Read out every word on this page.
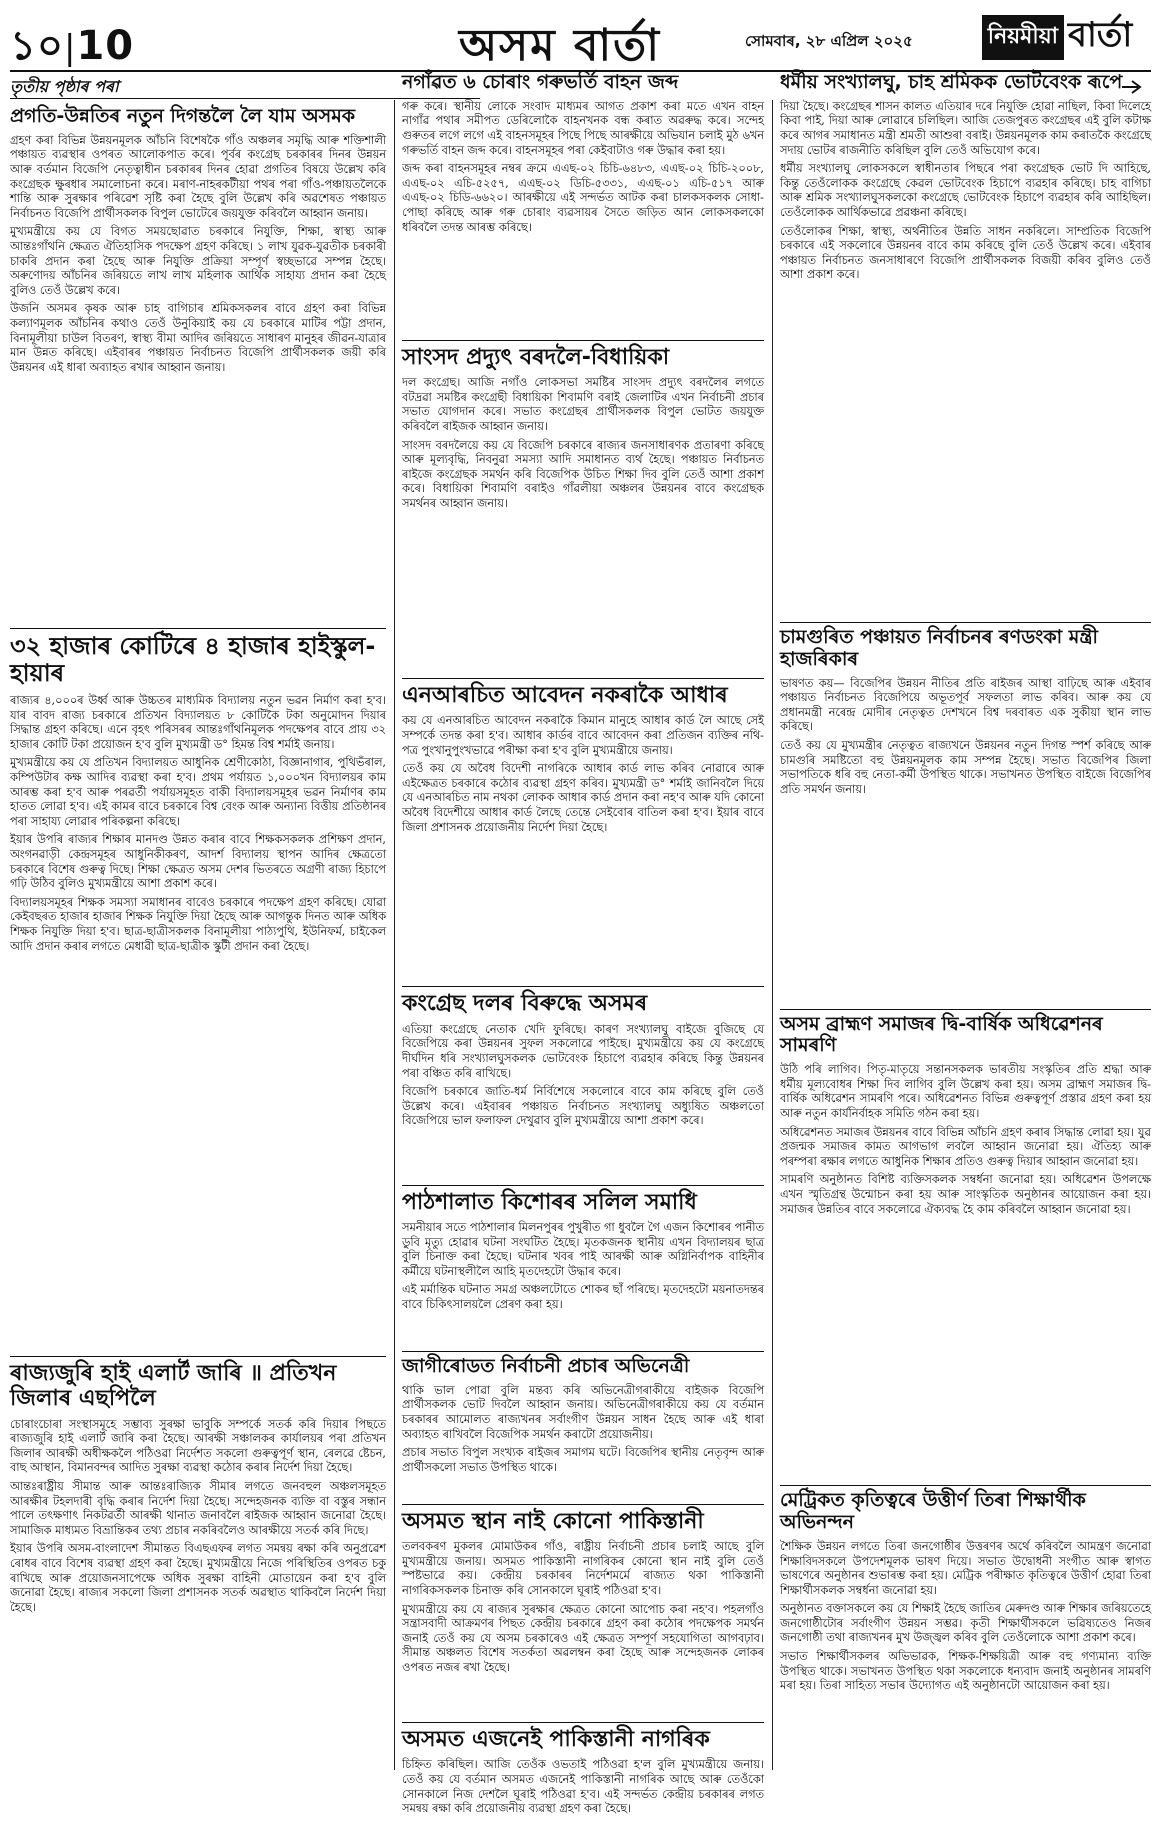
১০|10	অসম বাৰ্তা	সোমবাৰ, ২৮ এপ্ৰিল ২০২৫	নিয়মীয়া বাৰ্তা
তৃতীয় পৃষ্ঠাৰ পৰা
প্ৰগতি-উন্নতিৰ নতুন দিগন্তলৈ লৈ যাম অসমক

গ্ৰহণ কৰা বিভিন্ন উন্নয়নমূলক আঁচনি বিশেষকৈ গাঁও অঞ্চলৰ সমৃদ্ধি আৰু শক্তিশালী পঞ্চায়ত ব্যৱস্থাৰ ওপৰত আলোকপাত কৰে। পূৰ্বৰ কংগ্ৰেছ চৰকাৰৰ দিনৰ উন্নয়ন আৰু বৰ্তমান বিজেপি নেতৃত্বাধীন চৰকাৰৰ দিনৰ হোৱা প্ৰগতিৰ বিষয়ে উল্লেখ কৰি কংগ্ৰেছক ক্ষুৰধাৰ সমালোচনা কৰে। মৰাণ-নাহৰকটীয়া পথৰ পৰা গাঁও-পঞ্চায়তলৈকে শান্তি আৰু সুৰক্ষাৰ পৰিৱেশ সৃষ্টি কৰা হৈছে বুলি উল্লেখ কৰি অৱশেষত পঞ্চায়ত নিৰ্বাচনত বিজেপি প্ৰাৰ্থীসকলক বিপুল ভোটেৰে জয়যুক্ত কৰিবলৈ আহ্বান জনায়।

মুখ্যমন্ত্ৰীয়ে কয় যে বিগত সময়ছোৱাত চৰকাৰে নিযুক্তি, শিক্ষা, স্বাস্থ্য আৰু আন্তঃগাঁথনি ক্ষেত্ৰত ঐতিহাসিক পদক্ষেপ গ্ৰহণ কৰিছে। ১ লাখ যুৱক-যুৱতীক চৰকাৰী চাকৰি প্ৰদান কৰা হৈছে আৰু নিযুক্তি প্ৰক্ৰিয়া সম্পূৰ্ণ স্বচ্ছভাৱে সম্পন্ন হৈছে। অৰুণোদয় আঁচনিৰ জৰিয়তে লাখ লাখ মহিলাক আৰ্থিক সাহায্য প্ৰদান কৰা হৈছে বুলিও তেওঁ উল্লেখ কৰে।

উজনি অসমৰ কৃষক আৰু চাহ বাগিচাৰ শ্ৰমিকসকলৰ বাবে গ্ৰহণ কৰা বিভিন্ন কল্যাণমূলক আঁচনিৰ কথাও তেওঁ উনুকিয়াই কয় যে চৰকাৰে মাটিৰ পট্টা প্ৰদান, বিনামূলীয়া চাউল বিতৰণ, স্বাস্থ্য বীমা আদিৰ জৰিয়তে সাধাৰণ মানুহৰ জীৱন-যাত্ৰাৰ মান উন্নত কৰিছে। এইবাৰৰ পঞ্চায়ত নিৰ্বাচনত বিজেপি প্ৰাৰ্থীসকলক জয়ী কৰি উন্নয়নৰ এই ধাৰা অব্যাহত ৰখাৰ আহ্বান জনায়।

৩২ হাজাৰ কোটিৰে ৪ হাজাৰ হাইস্কুল-হায়াৰ

ৰাজ্যৰ ৪,০০০ৰ উৰ্ধ্ব আৰু উচ্চতৰ মাধ্যমিক বিদ্যালয় নতুন ভৱন নিৰ্মাণ কৰা হ'ব। যাৰ বাবদ ৰাজ্য চৰকাৰে প্ৰতিখন বিদ্যালয়ত ৮ কোটিকৈ টকা অনুমোদন দিয়াৰ সিদ্ধান্ত গ্ৰহণ কৰিছে। এনে বৃহৎ পৰিসৰৰ আন্তঃগাঁথনিমূলক পদক্ষেপৰ বাবে প্ৰায় ৩২ হাজাৰ কোটি টকা প্ৰয়োজন হ'ব বুলি মুখ্যমন্ত্ৰী ড° হিমন্ত বিশ্ব শৰ্মাই জনায়।

মুখ্যমন্ত্ৰীয়ে কয় যে প্ৰতিখন বিদ্যালয়ত আধুনিক শ্ৰেণীকোঠা, বিজ্ঞানাগাৰ, পুথিভঁৰাল, কম্পিউটাৰ কক্ষ আদিৰ ব্যৱস্থা কৰা হ'ব। প্ৰথম পৰ্যায়ত ১,০০০খন বিদ্যালয়ৰ কাম আৰম্ভ কৰা হ'ব আৰু পৰৱৰ্তী পৰ্যায়সমূহত বাকী বিদ্যালয়সমূহৰ ভৱন নিৰ্মাণৰ কাম হাতত লোৱা হ'ব। এই কামৰ বাবে চৰকাৰে বিশ্ব বেংক আৰু অন্যান্য বিত্তীয় প্ৰতিষ্ঠানৰ পৰা সাহায্য লোৱাৰ পৰিকল্পনা কৰিছে।

ইয়াৰ উপৰি ৰাজ্যৰ শিক্ষাৰ মানদণ্ড উন্নত কৰাৰ বাবে শিক্ষকসকলক প্ৰশিক্ষণ প্ৰদান, অংগনৱাড়ী কেন্দ্ৰসমূহৰ আধুনিকীকৰণ, আদৰ্শ বিদ্যালয় স্থাপন আদিৰ ক্ষেত্ৰতো চৰকাৰে বিশেষ গুৰুত্ব দিছে। শিক্ষা ক্ষেত্ৰত অসম দেশৰ ভিতৰতে অগ্ৰণী ৰাজ্য হিচাপে গঢ়ি উঠিব বুলিও মুখ্যমন্ত্ৰীয়ে আশা প্ৰকাশ কৰে।

বিদ্যালয়সমূহৰ শিক্ষক সমস্যা সমাধানৰ বাবেও চৰকাৰে পদক্ষেপ গ্ৰহণ কৰিছে। যোৱা কেইবছৰত হাজাৰ হাজাৰ শিক্ষক নিযুক্তি দিয়া হৈছে আৰু আগন্তুক দিনত আৰু অধিক শিক্ষক নিযুক্তি দিয়া হ'ব। ছাত্ৰ-ছাত্ৰীসকলক বিনামূলীয়া পাঠ্যপুথি, ইউনিফৰ্ম, চাইকেল আদি প্ৰদান কৰাৰ লগতে মেধাৱী ছাত্ৰ-ছাত্ৰীক স্কুটী প্ৰদান কৰা হৈছে।

ৰাজ্যজুৰি হাই এলাৰ্ট জাৰি ॥ প্ৰতিখন জিলাৰ এছপিলৈ

চোৰাংচোৰা সংস্থাসমূহে সম্ভাব্য সুৰক্ষা ভাবুকি সম্পৰ্কে সতৰ্ক কৰি দিয়াৰ পিছতে ৰাজ্যজুৰি হাই এলাৰ্ট জাৰি কৰা হৈছে। আৰক্ষী সঞ্চালকৰ কাৰ্যালয়ৰ পৰা প্ৰতিখন জিলাৰ আৰক্ষী অধীক্ষকলৈ পঠিওৱা নিৰ্দেশত সকলো গুৰুত্বপূৰ্ণ স্থান, ৰেলৱে ষ্টেচন, বাছ আস্থান, বিমানবন্দৰ আদিত সুৰক্ষা ব্যৱস্থা কঠোৰ কৰাৰ নিৰ্দেশ দিয়া হৈছে।

আন্তঃৰাষ্ট্ৰীয় সীমান্ত আৰু আন্তঃৰাজ্যিক সীমাৰ লগতে জনবহুল অঞ্চলসমূহত আৰক্ষীৰ টহলদাৰী বৃদ্ধি কৰাৰ নিৰ্দেশ দিয়া হৈছে। সন্দেহজনক ব্যক্তি বা বস্তুৰ সন্ধান পালে তৎক্ষণাৎ নিকটৱৰ্তী আৰক্ষী থানাত জনাবলৈ ৰাইজক আহ্বান জনোৱা হৈছে। সামাজিক মাধ্যমত বিভ্ৰান্তিকৰ তথ্য প্ৰচাৰ নকৰিবলৈও আৰক্ষীয়ে সতৰ্ক কৰি দিছে।

ইয়াৰ উপৰি অসম-বাংলাদেশ সীমান্তত বিএছএফৰ লগত সমন্বয় ৰক্ষা কৰি অনুপ্ৰৱেশ ৰোধৰ বাবে বিশেষ ব্যৱস্থা গ্ৰহণ কৰা হৈছে। মুখ্যমন্ত্ৰীয়ে নিজে পৰিস্থিতিৰ ওপৰত চকু ৰাখিছে আৰু প্ৰয়োজনসাপেক্ষে অধিক সুৰক্ষা বাহিনী মোতায়েন কৰা হ'ব বুলি জনোৱা হৈছে। ৰাজ্যৰ সকলো জিলা প্ৰশাসনক সতৰ্ক অৱস্থাত থাকিবলৈ নিৰ্দেশ দিয়া হৈছে।

নগাঁৱত ৬ চোৰাং গৰুভৰ্তি বাহন জব্দ

গৰু কৰে। স্থানীয় লোকে সংবাদ মাধ্যমৰ আগত প্ৰকাশ কৰা মতে এখন বাহন নাগাঁৱ পথাৰ সমীপত ডেৰিলোকৈ বাহনখনক বন্ধ কৰাত অৱৰুদ্ধ কৰে। সন্দেহ গুৰুতৰ লগে লগে এই বাহনসমূহৰ পিছে পিছে আৰক্ষীয়ে অভিযান চলাই মুঠ ৬খন গৰুভৰ্তি বাহন জব্দ কৰে। বাহনসমূহৰ পৰা কেইবাটাও গৰু উদ্ধাৰ কৰা হয়।

জব্দ কৰা বাহনসমূহৰ নম্বৰ ক্ৰমে এএছ-০২ চিচি-৬৪৮৩, এএছ-০২ চিচি-২০০৮, এএছ-০২ এচি-৫২৫৭, এএছ-০২ ডিচি-৫৩৩১, এএছ-০১ এচি-৫১৭ আৰু এএছ-০২ চিডি-৬৬২০। আৰক্ষীয়ে এই সন্দৰ্ভত আটক কৰা চালকসকলক সোধা-পোছা কৰিছে আৰু গৰু চোৰাং ব্যৱসায়ৰ সৈতে জড়িত আন লোকসকলকো ধৰিবলৈ তদন্ত আৰম্ভ কৰিছে।

সাংসদ প্ৰদ্যুৎ বৰদলৈ-বিধায়িকা

দল কংগ্ৰেছ। আজি নগাঁও লোকসভা সমষ্টিৰ সাংসদ প্ৰদ্যুৎ বৰদলৈৰ লগতে বটদ্ৰৱা সমষ্টিৰ কংগ্ৰেছী বিধায়িকা শিবামণি বৰাই জেলাটিৰ এখন নিৰ্বাচনী প্ৰচাৰ সভাত যোগদান কৰে। সভাত কংগ্ৰেছৰ প্ৰাৰ্থীসকলক বিপুল ভোটত জয়যুক্ত কৰিবলৈ ৰাইজক আহ্বান জনায়।

সাংসদ বৰদলৈয়ে কয় যে বিজেপি চৰকাৰে ৰাজ্যৰ জনসাধাৰণক প্ৰতাৰণা কৰিছে আৰু মূল্যবৃদ্ধি, নিবনুৱা সমস্যা আদি সমাধানত ব্যৰ্থ হৈছে। পঞ্চায়ত নিৰ্বাচনত ৰাইজে কংগ্ৰেছক সমৰ্থন কৰি বিজেপিক উচিত শিক্ষা দিব বুলি তেওঁ আশা প্ৰকাশ কৰে। বিধায়িকা শিবামণি বৰাইও গাঁৱলীয়া অঞ্চলৰ উন্নয়নৰ বাবে কংগ্ৰেছক সমৰ্থনৰ আহ্বান জনায়।

এনআৰচিত আবেদন নকৰাকৈ আধাৰ

কয় যে এনআৰচিত আবেদন নকৰাকৈ কিমান মানুহে আধাৰ কাৰ্ড লৈ আছে সেই সম্পৰ্কে তদন্ত কৰা হ'ব। আধাৰ কাৰ্ডৰ বাবে আবেদন কৰা প্ৰতিজন ব্যক্তিৰ নথি-পত্ৰ পুংখানুপুংখভাৱে পৰীক্ষা কৰা হ'ব বুলি মুখ্যমন্ত্ৰীয়ে জনায়।

তেওঁ কয় যে অবৈধ বিদেশী নাগৰিকে আধাৰ কাৰ্ড লাভ কৰিব নোৱাৰে আৰু এইক্ষেত্ৰত চৰকাৰে কঠোৰ ব্যৱস্থা গ্ৰহণ কৰিব। মুখ্যমন্ত্ৰী ড° শৰ্মাই জানিবলৈ দিয়ে যে এনআৰচিত নাম নথকা লোকক আধাৰ কাৰ্ড প্ৰদান কৰা নহ'ব আৰু যদি কোনো অবৈধ বিদেশীয়ে আধাৰ কাৰ্ড লৈছে তেন্তে সেইবোৰ বাতিল কৰা হ'ব। ইয়াৰ বাবে জিলা প্ৰশাসনক প্ৰয়োজনীয় নিৰ্দেশ দিয়া হৈছে।

কংগ্ৰেছ দলৰ বিৰুদ্ধে অসমৰ

এতিয়া কংগ্ৰেছে নেতাক খেদি ফুৰিছে। কাৰণ সংখ্যালঘু বাইজে বুজিছে যে বিজেপিয়ে কৰা উন্নয়নৰ সুফল সকলোৱে পাইছে। মুখ্যমন্ত্ৰীয়ে কয় যে কংগ্ৰেছে দীৰ্ঘদিন ধৰি সংখ্যালঘুসকলক ভোটবেংক হিচাপে ব্যৱহাৰ কৰিছে কিন্তু উন্নয়নৰ পৰা বঞ্চিত কৰি ৰাখিছে।

বিজেপি চৰকাৰে জাতি-ধৰ্ম নিৰ্বিশেষে সকলোৰে বাবে কাম কৰিছে বুলি তেওঁ উল্লেখ কৰে। এইবাৰৰ পঞ্চায়ত নিৰ্বাচনত সংখ্যালঘু অধ্যুষিত অঞ্চলতো বিজেপিয়ে ভাল ফলাফল দেখুৱাব বুলি মুখ্যমন্ত্ৰীয়ে আশা প্ৰকাশ কৰে।

পাঠশালাত কিশোৰৰ সলিল সমাধি

সমনীয়াৰ সতে পাঠশালাৰ মিলনপুৰৰ পুখুৰীত গা ধুবলৈ গৈ এজন কিশোৰৰ পানীত ডুবি মৃত্যু হোৱাৰ ঘটনা সংঘটিত হৈছে। মৃতকজনক স্থানীয় এখন বিদ্যালয়ৰ ছাত্ৰ বুলি চিনাক্ত কৰা হৈছে। ঘটনাৰ খবৰ পাই আৰক্ষী আৰু অগ্নিনিৰ্বাপক বাহিনীৰ কৰ্মীয়ে ঘটনাস্থলীলৈ আহি মৃতদেহটো উদ্ধাৰ কৰে।

এই মৰ্মান্তিক ঘটনাত সমগ্ৰ অঞ্চলটোতে শোকৰ ছাঁ পৰিছে। মৃতদেহটো ময়নাতদন্তৰ বাবে চিকিৎসালয়লৈ প্ৰেৰণ কৰা হয়।

জাগীৰোডত নিৰ্বাচনী প্ৰচাৰ অভিনেত্ৰী

থাকি ভাল পোৱা বুলি মন্তব্য কৰি অভিনেত্ৰীগৰাকীয়ে বাইজক বিজেপি প্ৰাৰ্থীসকলক ভোট দিবলৈ আহ্বান জনায়। অভিনেত্ৰীগৰাকীয়ে কয় যে বৰ্তমান চৰকাৰৰ আমোলত ৰাজ্যখনৰ সৰ্বাংগীণ উন্নয়ন সাধন হৈছে আৰু এই ধাৰা অব্যাহত ৰাখিবলৈ বিজেপিক সমৰ্থন কৰাটো প্ৰয়োজনীয়।

প্ৰচাৰ সভাত বিপুল সংখ্যক ৰাইজৰ সমাগম ঘটে। বিজেপিৰ স্থানীয় নেতৃবৃন্দ আৰু প্ৰাৰ্থীসকলো সভাত উপস্থিত থাকে।

অসমত স্থান নাই কোনো পাকিস্তানী

তলবকৰণ মুকলৰ মোমাউকৰ গাঁও, ৰাষ্ট্ৰীয় নিৰ্বাচনী প্ৰচাৰ চলাই আছে বুলি মুখ্যমন্ত্ৰীয়ে জনায়। অসমত পাকিস্তানী নাগৰিকৰ কোনো স্থান নাই বুলি তেওঁ স্পষ্টভাৱে কয়। কেন্দ্ৰীয় চৰকাৰৰ নিৰ্দেশমৰ্মে ৰাজ্যত থকা পাকিস্তানী নাগৰিকসকলক চিনাক্ত কৰি সোনকালে ঘূৰাই পঠিওৱা হ'ব।

মুখ্যমন্ত্ৰীয়ে কয় যে ৰাজ্যৰ সুৰক্ষাৰ ক্ষেত্ৰত কোনো আপোচ কৰা নহ'ব। পহলগাঁও সন্ত্ৰাসবাদী আক্ৰমণৰ পিছত কেন্দ্ৰীয় চৰকাৰে গ্ৰহণ কৰা কঠোৰ পদক্ষেপক সমৰ্থন জনাই তেওঁ কয় যে অসম চৰকাৰেও এই ক্ষেত্ৰত সম্পূৰ্ণ সহযোগিতা আগবঢ়াব। সীমান্ত অঞ্চলত বিশেষ সতৰ্কতা অৱলম্বন কৰা হৈছে আৰু সন্দেহজনক লোকৰ ওপৰত নজৰ ৰখা হৈছে।

অসমত এজনেই পাকিস্তানী নাগৰিক

চিহ্নিত কৰিছিল। আজি তেওঁক ওভতাই পঠিওৱা হ'ল বুলি মুখ্যমন্ত্ৰীয়ে জনায়। তেওঁ কয় যে বৰ্তমান অসমত এজনেই পাকিস্তানী নাগৰিক আছে আৰু তেওঁকো সোনকালে নিজ দেশলৈ ঘূৰাই পঠিওৱা হ'ব। এই সন্দৰ্ভত কেন্দ্ৰীয় চৰকাৰৰ লগত সমন্বয় ৰক্ষা কৰি প্ৰয়োজনীয় ব্যৱস্থা গ্ৰহণ কৰা হৈছে।

ধৰ্মীয় সংখ্যালঘু, চাহ শ্ৰমিকক ভোটবেংক ৰূপে

দিয়া হৈছে। কংগ্ৰেছৰ শাসন কালত এতিয়াৰ দৰে নিযুক্তি হোৱা নাছিল, কিবা দিলেহে কিবা পাই, দিয়া আৰু লোৱাৰে চলিছিল। আজি তেজপুৰত কংগ্ৰেছৰ এই বুলি কটাক্ষ কৰে আগৰ সমাধানত মন্ত্ৰী শ্ৰমতী আশুৰা বৰাই। উন্নয়নমূলক কাম কৰাতকৈ কংগ্ৰেছে সদায় ভোটৰ ৰাজনীতি কৰিছিল বুলি তেওঁ অভিযোগ কৰে।

ধৰ্মীয় সংখ্যালঘু লোকসকলে স্বাধীনতাৰ পিছৰে পৰা কংগ্ৰেছক ভোট দি আহিছে, কিন্তু তেওঁলোকক কংগ্ৰেছে কেৱল ভোটবেংক হিচাপে ব্যৱহাৰ কৰিছে। চাহ বাগিচা আৰু শ্ৰমিক সংখ্যালঘুসকলকো কংগ্ৰেছে ভোটবেংক হিচাপে ব্যৱহাৰ কৰি আহিছিল। তেওঁলোকক আৰ্থিকভাৱে প্ৰৱঞ্চনা কৰিছে।

তেওঁলোকৰ শিক্ষা, স্বাস্থ্য, অৰ্থনীতিৰ উন্নতি সাধন নকৰিলে। সাম্প্ৰতিক বিজেপি চৰকাৰে এই সকলোৰে উন্নয়নৰ বাবে কাম কৰিছে বুলি তেওঁ উল্লেখ কৰে। এইবাৰ পঞ্চায়ত নিৰ্বাচনত জনসাধাৰণে বিজেপি প্ৰাৰ্থীসকলক বিজয়ী কৰিব বুলিও তেওঁ আশা প্ৰকাশ কৰে।

চামগুৰিত পঞ্চায়ত নিৰ্বাচনৰ ৰণডংকা মন্ত্ৰী হাজৰিকাৰ

ভাষণত কয়— বিজেপিৰ উন্নয়ন নীতিৰ প্ৰতি ৰাইজৰ আস্থা বাঢ়িছে আৰু এইবাৰ পঞ্চায়ত নিৰ্বাচনত বিজেপিয়ে অভূতপূৰ্ব সফলতা লাভ কৰিব। আৰু কয় যে প্ৰধানমন্ত্ৰী নৰেন্দ্ৰ মোদীৰ নেতৃত্বত দেশখনে বিশ্ব দৰবাৰত এক সুকীয়া স্থান লাভ কৰিছে।

তেওঁ কয় যে মুখ্যমন্ত্ৰীৰ নেতৃত্বত ৰাজ্যখনে উন্নয়নৰ নতুন দিগন্ত স্পৰ্শ কৰিছে আৰু চামগুৰি সমষ্টিতো বহু উন্নয়নমূলক কাম সম্পন্ন হৈছে। সভাত বিজেপিৰ জিলা সভাপতিকে ধৰি বহু নেতা-কৰ্মী উপস্থিত থাকে। সভাখনত উপস্থিত বাইজে বিজেপিৰ প্ৰতি সমৰ্থন জনায়।

অসম ব্ৰাহ্মণ সমাজৰ দ্বি-বাৰ্ষিক অধিৱেশনৰ সামৰণি

উঠি পৰি লাগিব। পিতৃ-মাতৃয়ে সন্তানসকলক ভাৰতীয় সংস্কৃতিৰ প্ৰতি শ্ৰদ্ধা আৰু ধৰ্মীয় মূল্যবোধৰ শিক্ষা দিব লাগিব বুলি উল্লেখ কৰা হয়। অসম ব্ৰাহ্মণ সমাজৰ দ্বি-বাৰ্ষিক অধিৱেশন সামৰণি পৰে। অধিৱেশনত বিভিন্ন গুৰুত্বপূৰ্ণ প্ৰস্তাৱ গ্ৰহণ কৰা হয় আৰু নতুন কাৰ্যনিৰ্বাহক সমিতি গঠন কৰা হয়।

অধিৱেশনত সমাজৰ উন্নয়নৰ বাবে বিভিন্ন আঁচনি গ্ৰহণ কৰাৰ সিদ্ধান্ত লোৱা হয়। যুৱ প্ৰজন্মক সমাজৰ কামত আগভাগ লবলৈ আহ্বান জনোৱা হয়। ঐতিহ্য আৰু পৰম্পৰা ৰক্ষাৰ লগতে আধুনিক শিক্ষাৰ প্ৰতিও গুৰুত্ব দিয়াৰ আহ্বান জনোৱা হয়।

সামৰণি অনুষ্ঠানত বিশিষ্ট ব্যক্তিসকলক সম্বৰ্ধনা জনোৱা হয়। অধিৱেশন উপলক্ষে এখন স্মৃতিগ্ৰন্থ উন্মোচন কৰা হয় আৰু সাংস্কৃতিক অনুষ্ঠানৰ আয়োজন কৰা হয়। সমাজৰ উন্নতিৰ বাবে সকলোৱে ঐক্যবদ্ধ হৈ কাম কৰিবলৈ আহ্বান জনোৱা হয়।

মেট্ৰিকত কৃতিত্বৰে উত্তীৰ্ণ তিৰা শিক্ষাৰ্থীক অভিনন্দন

শৈক্ষিক উন্নয়ন লগতে তিৰা জনগোষ্ঠীৰ উত্তৰণৰ অৰ্থে কৰিবলৈ আমন্ত্ৰণ জনোৱা শিক্ষাবিদসকলে উপদেশমূলক ভাষণ দিয়ে। সভাত উদ্বোধনী সংগীত আৰু স্বাগত ভাষণেৰে অনুষ্ঠানৰ শুভাৰম্ভ কৰা হয়। মেট্ৰিক পৰীক্ষাত কৃতিত্বৰে উত্তীৰ্ণ হোৱা তিৰা শিক্ষাৰ্থীসকলক সম্বৰ্ধনা জনোৱা হয়।

অনুষ্ঠানত বক্তাসকলে কয় যে শিক্ষাই হৈছে জাতিৰ মেৰুদণ্ড আৰু শিক্ষাৰ জৰিয়তেহে জনগোষ্ঠীটোৰ সৰ্বাংগীণ উন্নয়ন সম্ভৱ। কৃতী শিক্ষাৰ্থীসকলে ভৱিষ্যতেও নিজৰ জনগোষ্ঠী তথা ৰাজ্যখনৰ মুখ উজ্জ্বল কৰিব বুলি তেওঁলোকে আশা প্ৰকাশ কৰে।

সভাত শিক্ষাৰ্থীসকলৰ অভিভাৱক, শিক্ষক-শিক্ষয়িত্ৰী আৰু বহু গণ্যমান্য ব্যক্তি উপস্থিত থাকে। সভাখনত উপস্থিত থকা সকলোকে ধন্যবাদ জনাই অনুষ্ঠানৰ সামৰণি মৰা হয়। তিৰা সাহিত্য সভাৰ উদ্যোগত এই অনুষ্ঠানটো আয়োজন কৰা হয়।
